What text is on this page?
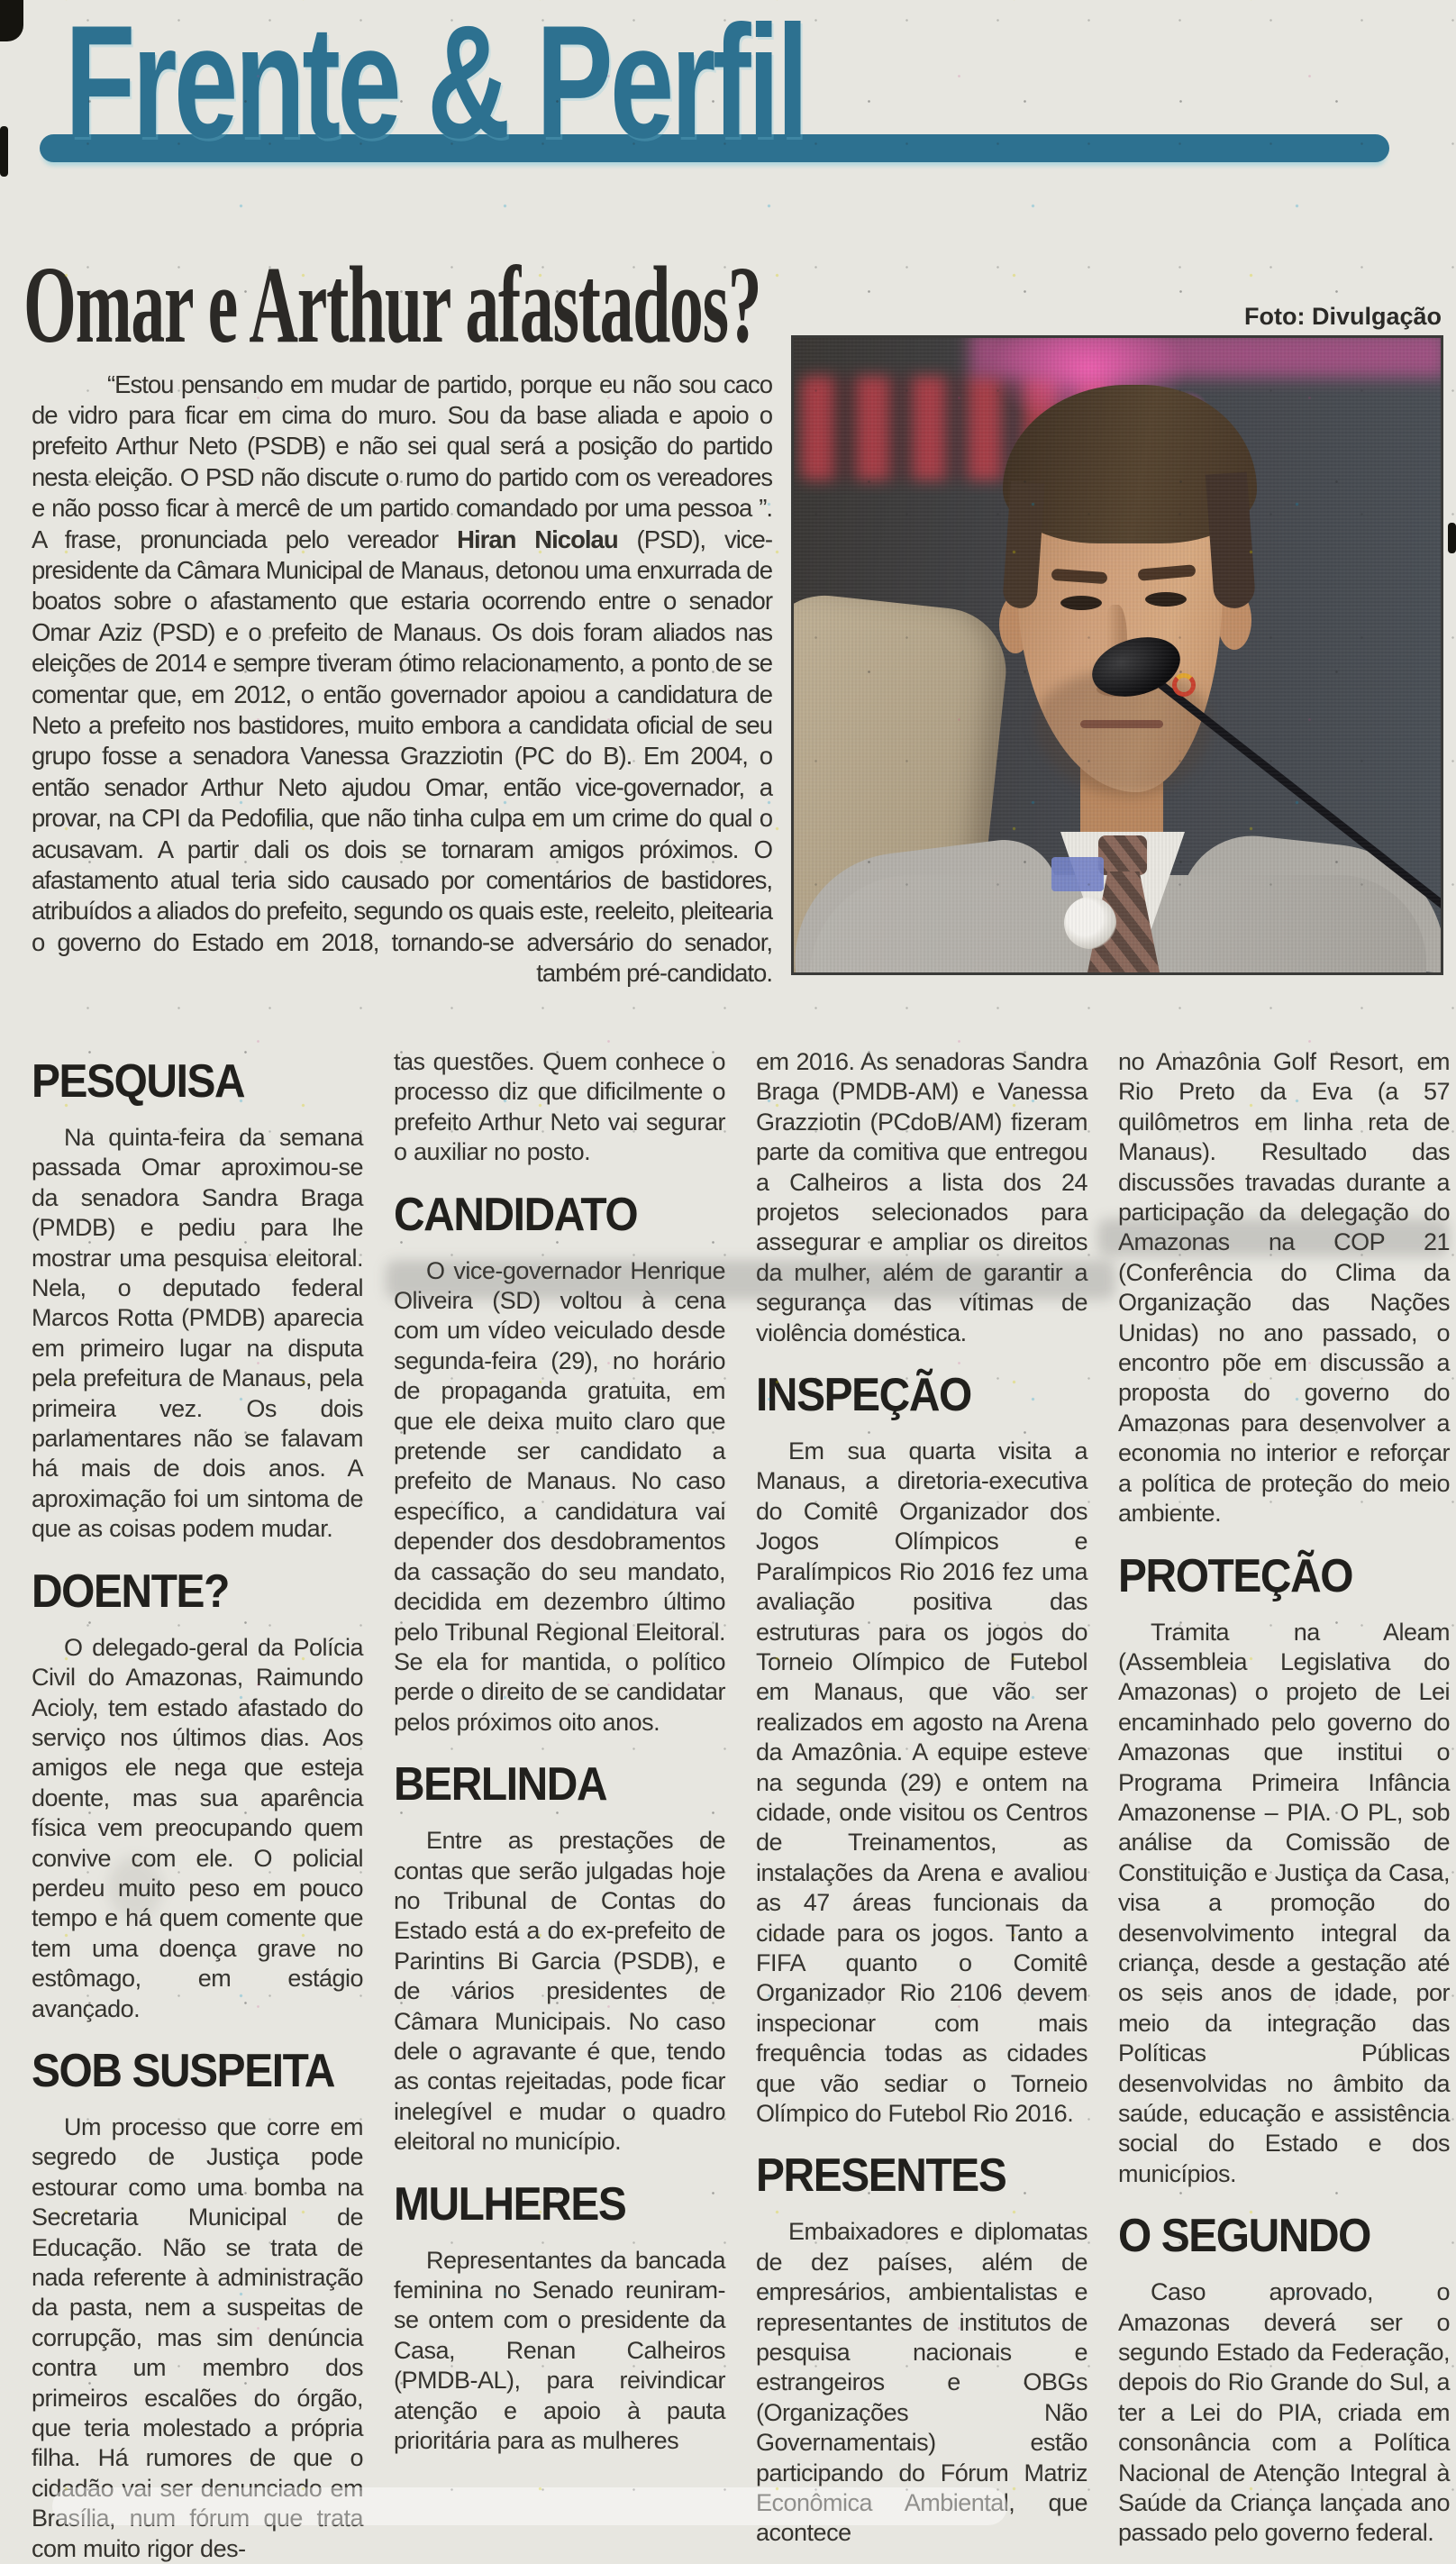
Frente & Perfil
Omar e Arthur afastados?	Foto: Divulgação

“Estou pensando em mudar de partido, porque eu não sou caco de vidro para ficar em cima do muro. Sou da base aliada e apoio o prefeito Arthur Neto (PSDB) e não sei qual será a posição do partido nesta eleição. O PSD não discute o rumo do partido com os vereadores e não posso ficar à mercê de um partido comandado por uma pessoa ”. A frase, pronunciada pelo vereador Hiran Nicolau (PSD), vice-presidente da Câmara Municipal de Manaus, detonou uma enxurrada de boatos sobre o afastamento que estaria ocorrendo entre o senador Omar Aziz (PSD) e o prefeito de Manaus. Os dois foram aliados nas eleições de 2014 e sempre tiveram ótimo relacionamento, a ponto de se comentar que, em 2012, o então governador apoiou a candidatura de Neto a prefeito nos bastidores, muito embora a candidata oficial de seu grupo fosse a senadora Vanessa Grazziotin (PC do B). Em 2004, o então senador Arthur Neto ajudou Omar, então vice-governador, a provar, na CPI da Pedofilia, que não tinha culpa em um crime do qual o acusavam. A partir dali os dois se tornaram amigos próximos. O afastamento atual teria sido causado por comentários de bastidores, atribuídos a aliados do prefeito, segundo os quais este, reeleito, pleitearia o governo do Estado em 2018, tornando-se adversário do senador, também pré-candidato.

PESQUISA

Na quinta-feira da semana passada Omar aproximou-se da senadora Sandra Braga (PMDB) e pediu para lhe mostrar uma pesquisa eleitoral. Nela, o deputado federal Marcos Rotta (PMDB) aparecia em primeiro lugar na disputa pela prefeitura de Manaus, pela primeira vez. Os dois parlamentares não se falavam há mais de dois anos. A aproximação foi um sintoma de que as coisas podem mudar.

DOENTE?

O delegado-geral da Polícia Civil do Amazonas, Raimundo Acioly, tem estado afastado do serviço nos últimos dias. Aos amigos ele nega que esteja doente, mas sua aparência física vem preocupando quem convive com ele. O policial perdeu muito peso em pouco tempo e há quem comente que tem uma doença grave no estômago, em estágio avançado.

SOB SUSPEITA

Um processo que corre em segredo de Justiça pode estourar como uma bomba na Secretaria Municipal de Educação. Não se trata de nada referente à administração da pasta, nem a suspeitas de corrupção, mas sim denúncia contra um membro dos primeiros escalões do órgão, que teria molestado a própria filha. Há rumores de que o cidadão vai ser denunciado em Brasília, num fórum que trata com muito rigor des-

tas questões. Quem conhece o processo diz que dificilmente o prefeito Arthur Neto vai segurar o auxiliar no posto.

CANDIDATO

O vice-governador Henrique Oliveira (SD) voltou à cena com um vídeo veiculado desde segunda-feira (29), no horário de propaganda gratuita, em que ele deixa muito claro que pretende ser candidato a prefeito de Manaus. No caso específico, a candidatura vai depender dos desdobramentos da cassação do seu mandato, decidida em dezembro último pelo Tribunal Regional Eleitoral. Se ela for mantida, o político perde o direito de se candidatar pelos próximos oito anos.

BERLINDA

Entre as prestações de contas que serão julgadas hoje no Tribunal de Contas do Estado está a do ex-prefeito de Parintins Bi Garcia (PSDB), e de vários presidentes de Câmara Municipais. No caso dele o agravante é que, tendo as contas rejeitadas, pode ficar inelegível e mudar o quadro eleitoral no município.

MULHERES

Representantes da bancada feminina no Senado reuniram-se ontem com o presidente da Casa, Renan Calheiros (PMDB-AL), para reivindicar atenção e apoio à pauta prioritária para as mulheres

em 2016. As senadoras Sandra Braga (PMDB-AM) e Vanessa Grazziotin (PCdoB/AM) fizeram parte da comitiva que entregou a Calheiros a lista dos 24 projetos selecionados para assegurar e ampliar os direitos da mulher, além de garantir a segurança das vítimas de violência doméstica.

INSPEÇÃO

Em sua quarta visita a Manaus, a diretoria-executiva do Comitê Organizador dos Jogos Olímpicos e Paralímpicos Rio 2016 fez uma avaliação positiva das estruturas para os jogos do Torneio Olímpico de Futebol em Manaus, que vão ser realizados em agosto na Arena da Amazônia. A equipe esteve na segunda (29) e ontem na cidade, onde visitou os Centros de Treinamentos, as instalações da Arena e avaliou as 47 áreas funcionais da cidade para os jogos. Tanto a FIFA quanto o Comitê Organizador Rio 2106 devem inspecionar com mais frequência todas as cidades que vão sediar o Torneio Olímpico do Futebol Rio 2016.

PRESENTES

Embaixadores e diplomatas de dez países, além de empresários, ambientalistas e representantes de institutos de pesquisa nacionais e estrangeiros e OBGs (Organizações Não Governamentais) estão participando do Fórum Matriz Econômica Ambiental, que acontece

no Amazônia Golf Resort, em Rio Preto da Eva (a 57 quilômetros em linha reta de Manaus). Resultado das discussões travadas durante a participação da delegação do Amazonas na COP 21 (Conferência do Clima da Organização das Nações Unidas) no ano passado, o encontro põe em discussão a proposta do governo do Amazonas para desenvolver a economia no interior e reforçar a política de proteção do meio ambiente.

PROTEÇÃO

Tramita na Aleam (Assembleia Legislativa do Amazonas) o projeto de Lei encaminhado pelo governo do Amazonas que institui o Programa Primeira Infância Amazonense – PIA. O PL, sob análise da Comissão de Constituição e Justiça da Casa, visa a promoção do desenvolvimento integral da criança, desde a gestação até os seis anos de idade, por meio da integração das Políticas Públicas desenvolvidas no âmbito da saúde, educação e assistência social do Estado e dos municípios.

O SEGUNDO

Caso aprovado, o Amazonas deverá ser o segundo Estado da Federação, depois do Rio Grande do Sul, a ter a Lei do PIA, criada em consonância com a Política Nacional de Atenção Integral à Saúde da Criança lançada ano passado pelo governo federal.
